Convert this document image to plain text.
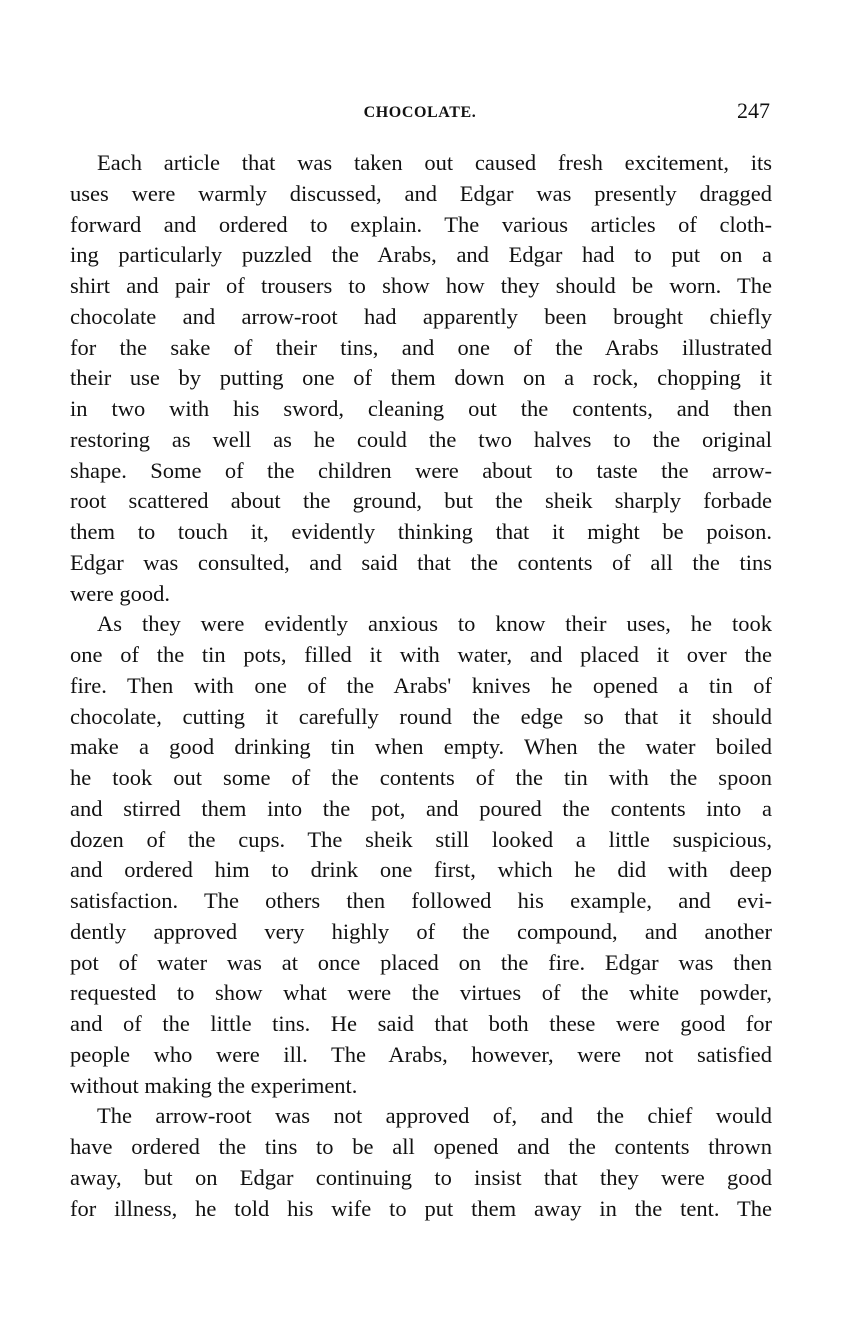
CHOCOLATE.	247
Each article that was taken out caused fresh excitement, its
uses were warmly discussed, and Edgar was presently dragged
forward and ordered to explain. The various articles of cloth-
ing particularly puzzled the Arabs, and Edgar had to put on a
shirt and pair of trousers to show how they should be worn. The
chocolate and arrow-root had apparently been brought chiefly
for the sake of their tins, and one of the Arabs illustrated
their use by putting one of them down on a rock, chopping it
in two with his sword, cleaning out the contents, and then
restoring as well as he could the two halves to the original
shape. Some of the children were about to taste the arrow-
root scattered about the ground, but the sheik sharply forbade
them to touch it, evidently thinking that it might be poison.
Edgar was consulted, and said that the contents of all the tins
were good.
As they were evidently anxious to know their uses, he took
one of the tin pots, filled it with water, and placed it over the
fire. Then with one of the Arabs' knives he opened a tin of
chocolate, cutting it carefully round the edge so that it should
make a good drinking tin when empty. When the water boiled
he took out some of the contents of the tin with the spoon
and stirred them into the pot, and poured the contents into a
dozen of the cups. The sheik still looked a little suspicious,
and ordered him to drink one first, which he did with deep
satisfaction. The others then followed his example, and evi-
dently approved very highly of the compound, and another
pot of water was at once placed on the fire. Edgar was then
requested to show what were the virtues of the white powder,
and of the little tins. He said that both these were good for
people who were ill. The Arabs, however, were not satisfied
without making the experiment.
The arrow-root was not approved of, and the chief would
have ordered the tins to be all opened and the contents thrown
away, but on Edgar continuing to insist that they were good
for illness, he told his wife to put them away in the tent. The
